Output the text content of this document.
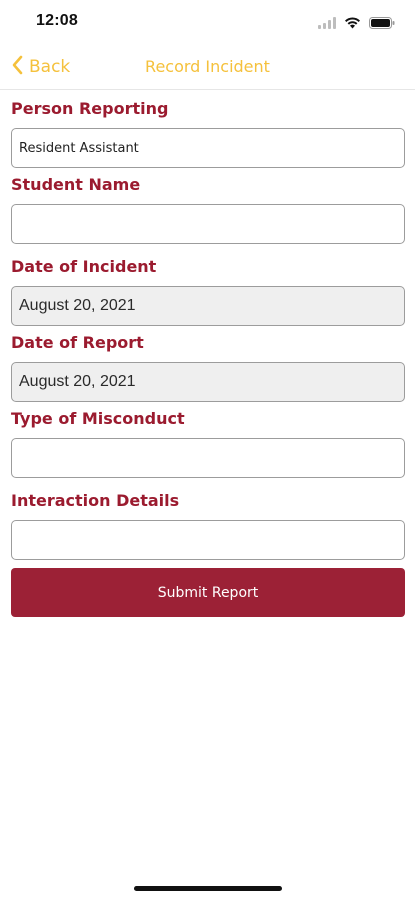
12:08
Back	Record Incident
Person Reporting
Resident Assistant
Student Name
Date of Incident
August 20, 2021
Date of Report
August 20, 2021
Type of Misconduct
Interaction Details
Submit Report
